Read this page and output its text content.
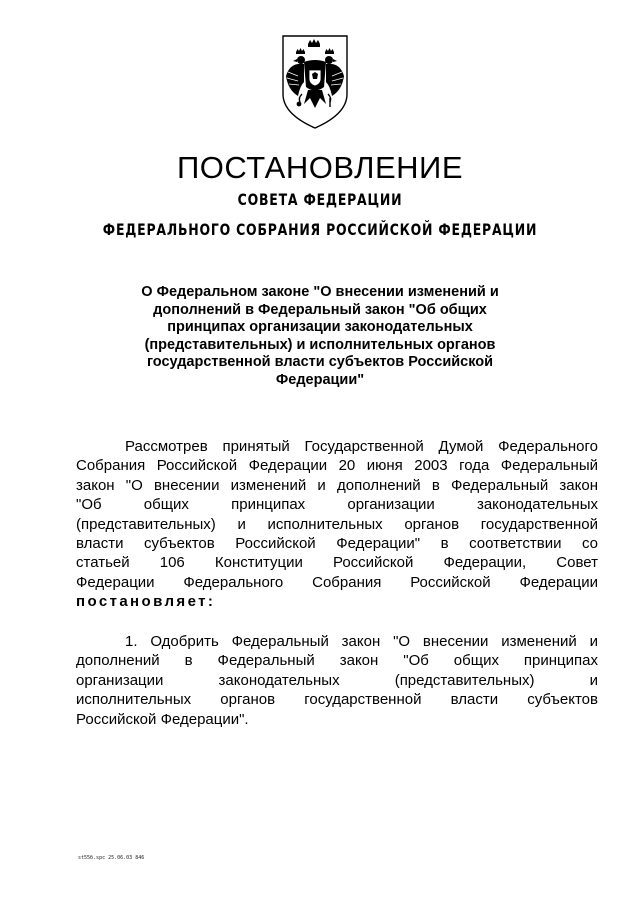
ПОСТАНОВЛЕНИЕ
СОВЕТА ФЕДЕРАЦИИ
ФЕДЕРАЛЬНОГО СОБРАНИЯ РОССИЙСКОЙ ФЕДЕРАЦИИ
О Федеральном законе "О внесении изменений и
дополнений в Федеральный закон "Об общих
принципах организации законодательных
(представительных) и исполнительных органов
государственной власти субъектов Российской
Федерации"
Рассмотрев принятый Государственной Думой Федерального
Собрания Российской Федерации 20 июня 2003 года Федеральный
закон "О внесении изменений и дополнений в Федеральный закон
"Об общих принципах организации законодательных
(представительных) и исполнительных органов государственной
власти субъектов Российской Федерации" в соответствии со
статьей 106 Конституции Российской Федерации, Совет
Федерации Федерального Собрания Российской Федерации
постановляет:
1. Одобрить Федеральный закон "О внесении изменений и
дополнений в Федеральный закон "Об общих принципах
организации законодательных (представительных) и
исполнительных органов государственной власти субъектов
Российской Федерации".
st55б.spc 25.06.03 846
